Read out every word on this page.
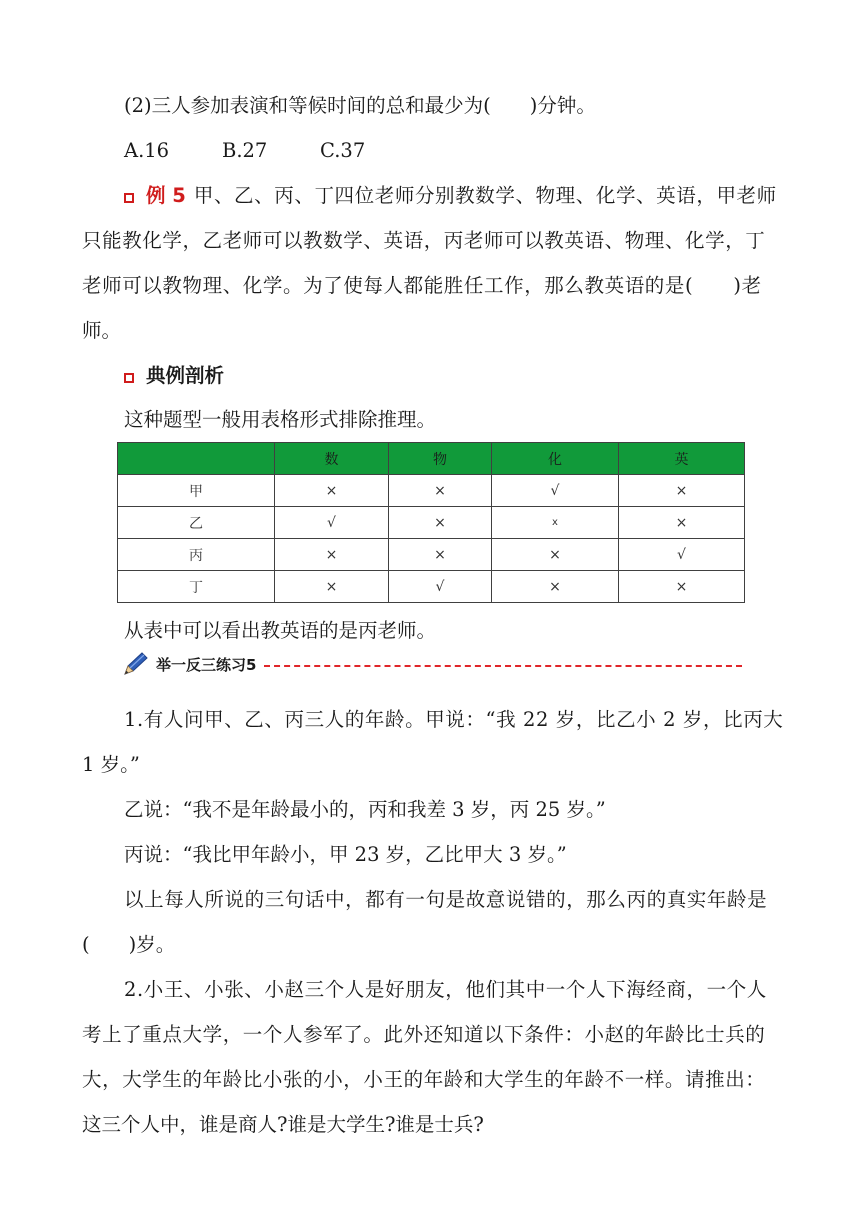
(2)三人参加表演和等候时间的总和最少为(　　)分钟。
A.16	B.27	C.37
例 5 甲、乙、丙、丁四位老师分别教数学、物理、化学、英语，甲老师
只能教化学，乙老师可以教数学、英语，丙老师可以教英语、物理、化学，丁
老师可以教物理、化学。为了使每人都能胜任工作，那么教英语的是(　　)老
师。
典例剖析
这种题型一般用表格形式排除推理。
	数	物	化	英
甲	×	×	√	×
乙	√	×	x	×
丙	×	×	×	√
丁	×	√	×	×
从表中可以看出教英语的是丙老师。
举一反三练习5
1.有人问甲、乙、丙三人的年龄。甲说：“我 22 岁，比乙小 2 岁，比丙大
1 岁。”
乙说：“我不是年龄最小的，丙和我差 3 岁，丙 25 岁。”
丙说：“我比甲年龄小，甲 23 岁，乙比甲大 3 岁。”
以上每人所说的三句话中，都有一句是故意说错的，那么丙的真实年龄是
(　　)岁。
2.小王、小张、小赵三个人是好朋友，他们其中一个人下海经商，一个人
考上了重点大学，一个人参军了。此外还知道以下条件：小赵的年龄比士兵的
大，大学生的年龄比小张的小，小王的年龄和大学生的年龄不一样。请推出：
这三个人中，谁是商人?谁是大学生?谁是士兵?
